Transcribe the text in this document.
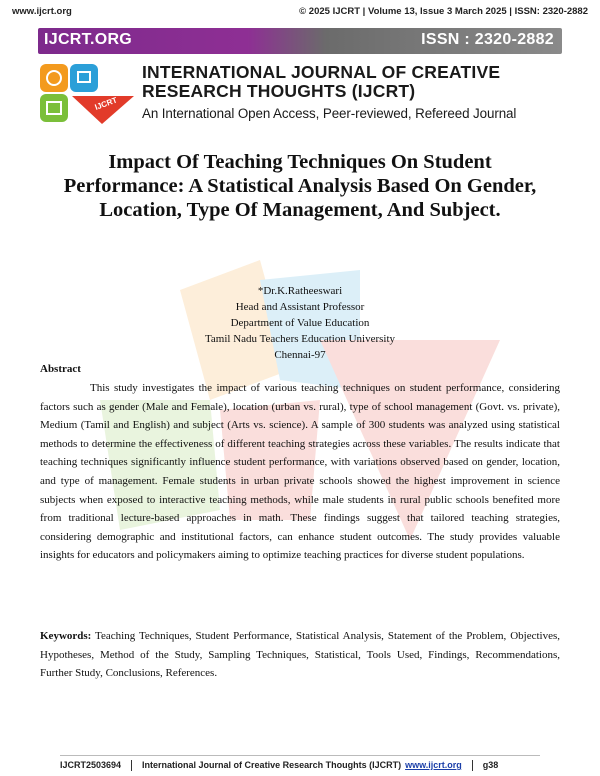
www.ijcrt.org	© 2025 IJCRT | Volume 13, Issue 3 March 2025 | ISSN: 2320-2882
IJCRT.ORG	ISSN : 2320-2882
IJCRT
INTERNATIONAL JOURNAL OF CREATIVE
RESEARCH THOUGHTS (IJCRT)
An International Open Access, Peer-reviewed, Refereed Journal
Impact Of Teaching Techniques On Student Performance: A Statistical Analysis Based On Gender, Location, Type Of Management, And Subject.
*Dr.K.Ratheeswari
Head and Assistant Professor
Department of Value Education
Tamil Nadu Teachers Education University
Chennai-97
Abstract

This study investigates the impact of various teaching techniques on student performance, considering factors such as gender (Male and Female), location (urban vs. rural), type of school management (Govt. vs. private), Medium (Tamil and English) and subject (Arts vs. science). A sample of 300 students was analyzed using statistical methods to determine the effectiveness of different teaching strategies across these variables. The results indicate that teaching techniques significantly influence student performance, with variations observed based on gender, location, and type of management. Female students in urban private schools showed the highest improvement in science subjects when exposed to interactive teaching methods, while male students in rural public schools benefited more from traditional lecture-based approaches in math. These findings suggest that tailored teaching strategies, considering demographic and institutional factors, can enhance student outcomes. The study provides valuable insights for educators and policymakers aiming to optimize teaching practices for diverse student populations.

Keywords: Teaching Techniques, Student Performance, Statistical Analysis, Statement of the Problem, Objectives, Hypotheses, Method of the Study, Sampling Techniques, Statistical, Tools Used, Findings, Recommendations, Further Study, Conclusions, References.

IJCRT2503694 International Journal of Creative Research Thoughts (IJCRT) www.ijcrt.org g38
